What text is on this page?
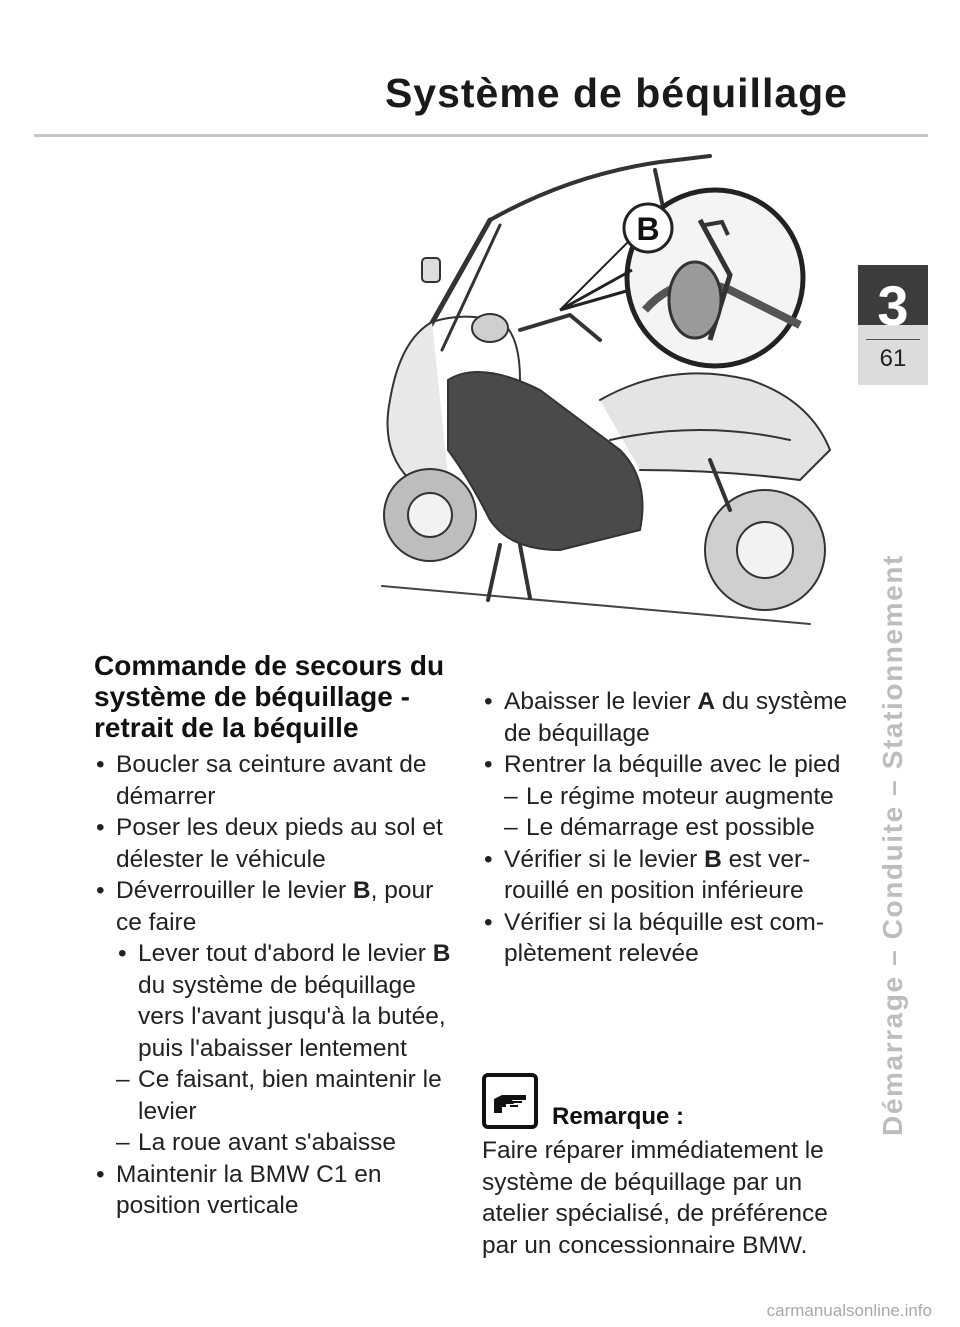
Système de béquillage
3
61
Démarrage – Conduite – Stationnement
B
Commande de secours du système de béquillage - retrait de la béquille
• Boucler sa ceinture avant de démarrer
• Poser les deux pieds au sol et délester le véhicule
• Déverrouiller le levier B, pour ce faire
• Lever tout d'abord le levier B du système de béquillage vers l'avant jusqu'à la butée, puis l'abaisser lentement
– Ce faisant, bien maintenir le levier
– La roue avant s'abaisse
• Maintenir la BMW C1 en position verticale
• Abaisser le levier A du système de béquillage
• Rentrer la béquille avec le pied
– Le régime moteur augmente
– Le démarrage est possible
• Vérifier si le levier B est ver- rouillé en position inférieure
• Vérifier si la béquille est com- plètement relevée

Remarque :

Faire réparer immédiatement le système de béquillage par un atelier spécialisé, de préférence par un concessionnaire BMW.

carmanualsonline.info
